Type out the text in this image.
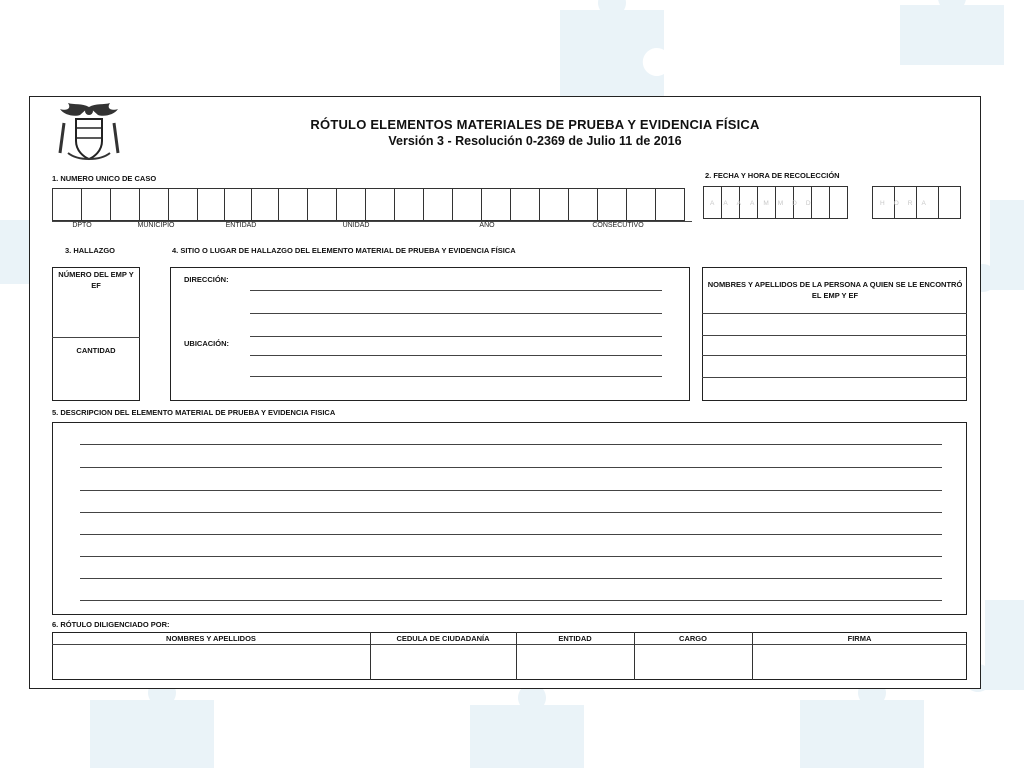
RÓTULO ELEMENTOS MATERIALES DE PRUEBA Y EVIDENCIA FÍSICA
Versión 3 - Resolución 0-2369 de Julio 11 de 2016
1. NUMERO UNICO DE CASO
DPTO	MUNICIPIO	ENTIDAD	UNIDAD	AÑO	CONSECUTIVO
2. FECHA Y HORA DE RECOLECCIÓN
AAAAMMDD	HORA
3. HALLAZGO
NÚMERO DEL EMP Y EF
CANTIDAD
4. SITIO O LUGAR DE HALLAZGO DEL ELEMENTO MATERIAL DE PRUEBA Y EVIDENCIA FÍSICA
DIRECCIÓN:
UBICACIÓN:
NOMBRES Y APELLIDOS DE LA PERSONA A QUIEN SE LE ENCONTRÓ EL EMP Y EF
5. DESCRIPCION DEL ELEMENTO MATERIAL DE PRUEBA Y EVIDENCIA FISICA
6. RÓTULO DILIGENCIADO POR:
NOMBRES Y APELLIDOS	CEDULA DE CIUDADANÍA	ENTIDAD	CARGO	FIRMA
